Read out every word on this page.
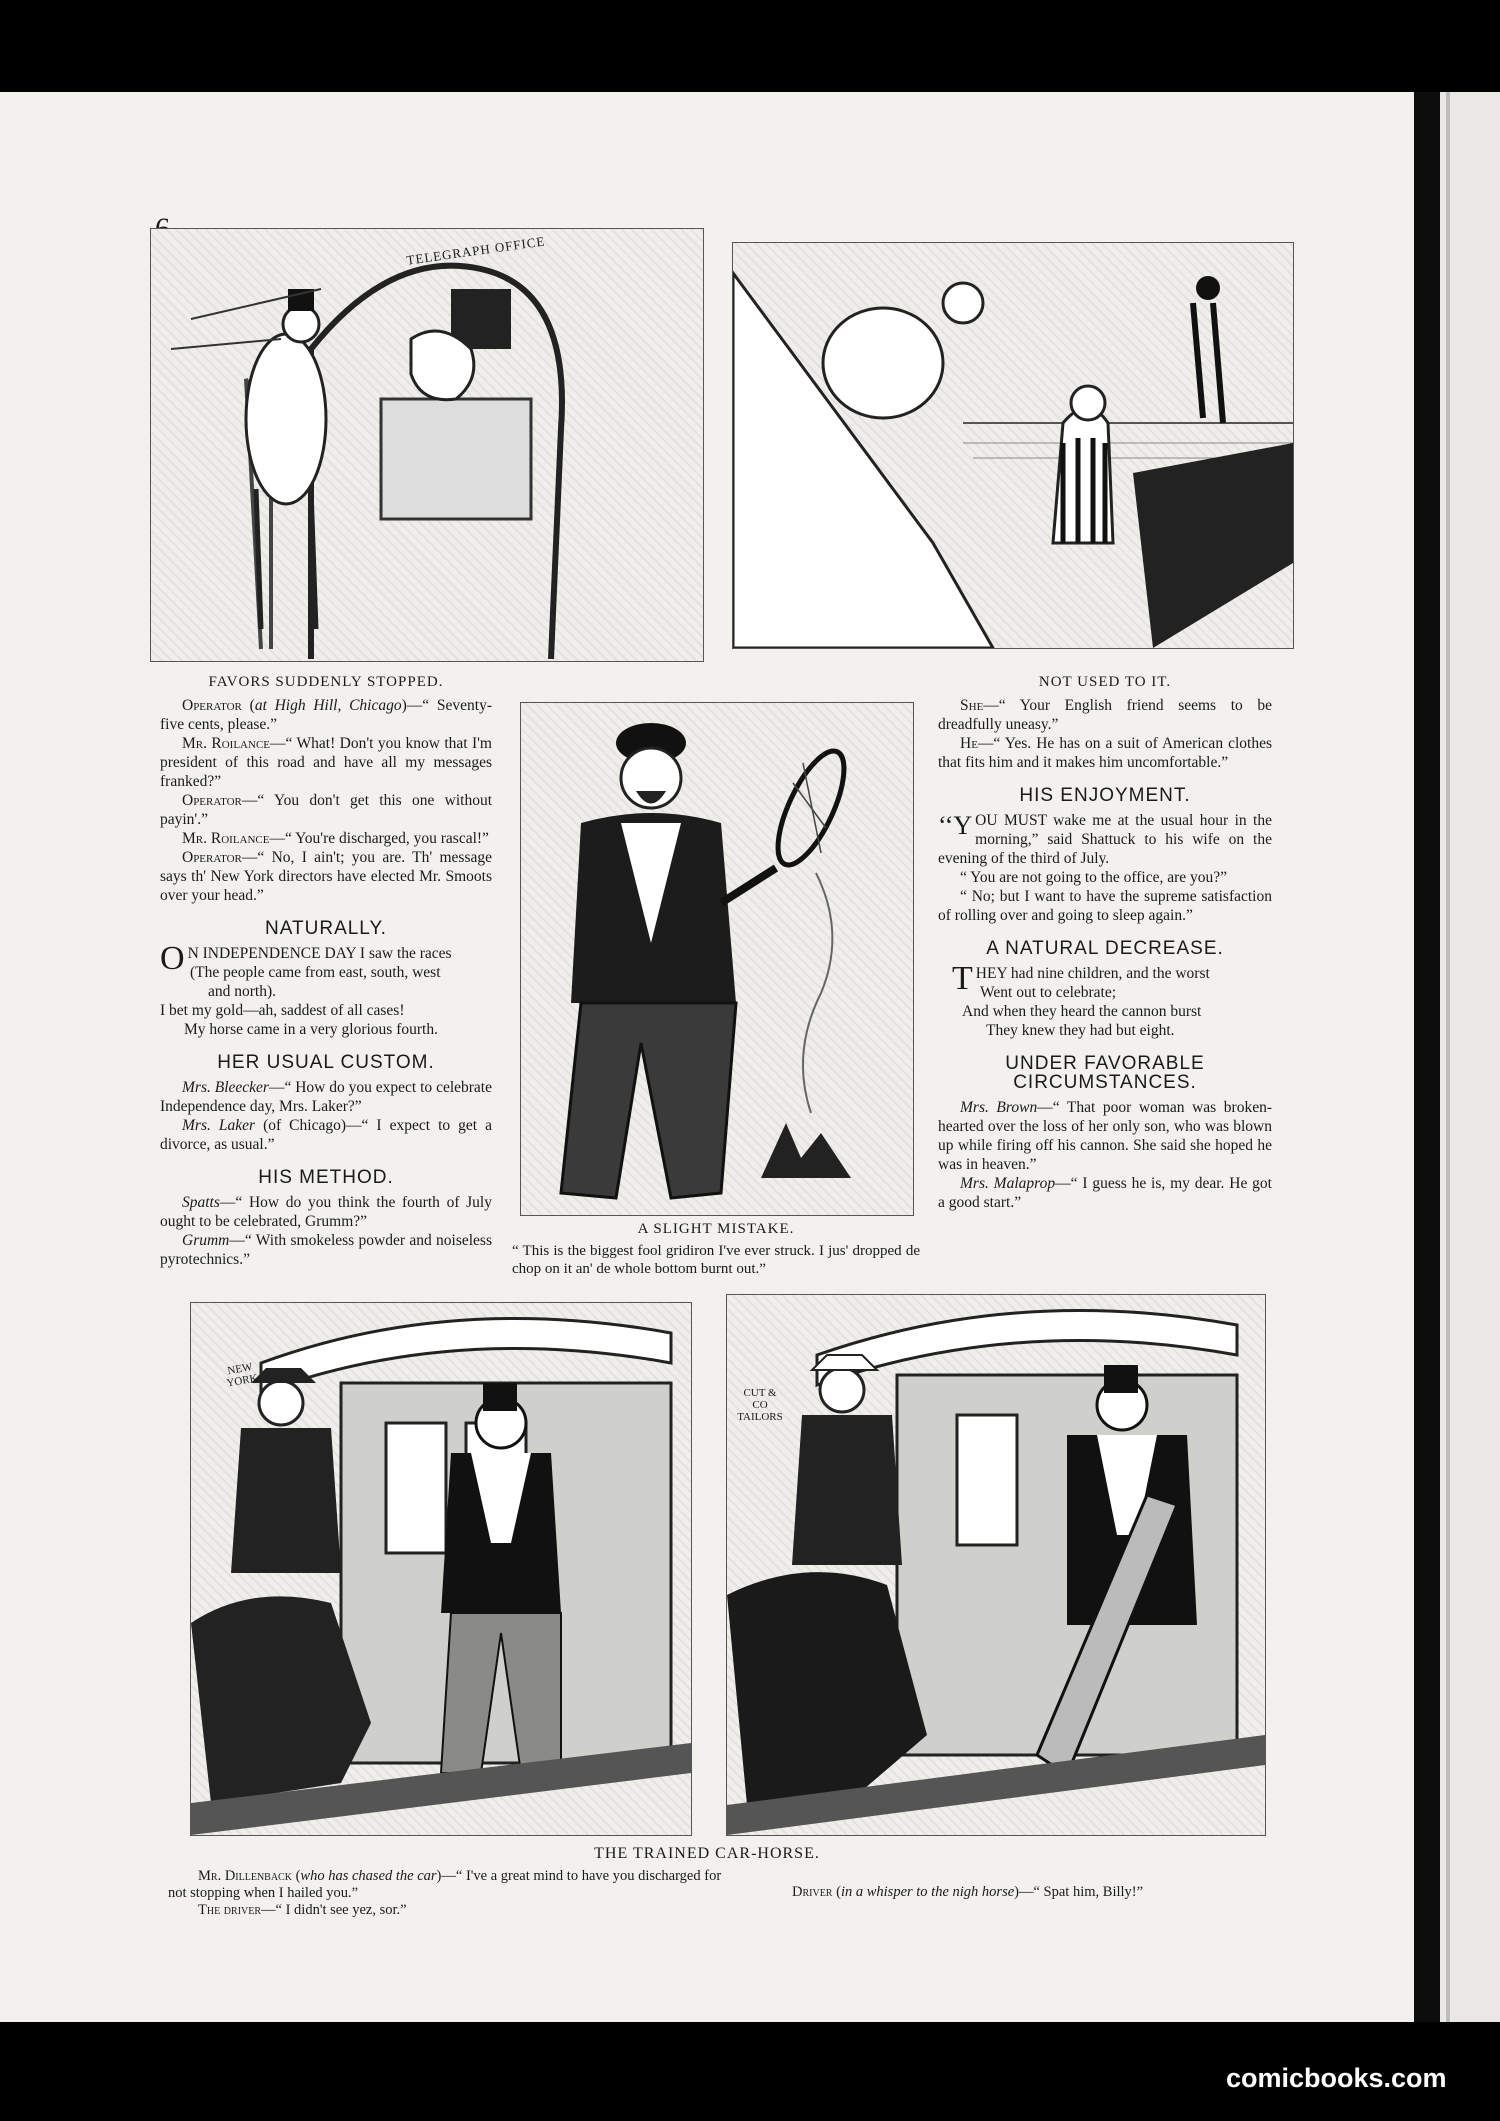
TELEGRAPH OFFICE
FAVORS SUDDENLY STOPPED.

Operator (at High Hill, Chicago)—“ Seventy-five cents, please.”

Mr. Roilance—“ What! Don't you know that I'm president of this road and have all my messages franked?”

Operator—“ You don't get this one without payin'.”

Mr. Roilance—“ You're discharged, you rascal!”

Operator—“ No, I ain't; you are. Th' message says th' New York directors have elected Mr. Smoots over your head.”

NATURALLY.

O N INDEPENDENCE DAY I saw the races

(The people came from east, south, west

and north).

I bet my gold—ah, saddest of all cases!

My horse came in a very glorious fourth.

HER USUAL CUSTOM.

Mrs. Bleecker—“ How do you expect to celebrate Independence day, Mrs. Laker?”

Mrs. Laker (of Chicago)—“ I expect to get a divorce, as usual.”

HIS METHOD.

Spatts—“ How do you think the fourth of July ought to be celebrated, Grumm?”

Grumm—“ With smokeless powder and noiseless pyrotechnics.”

A SLIGHT MISTAKE.
“ This is the biggest fool gridiron I've ever struck. I jus' dropped de chop on it an' de whole bottom burnt out.”
NOT USED TO IT.

She—“ Your English friend seems to be dreadfully uneasy.”

He—“ Yes. He has on a suit of American clothes that fits him and it makes him uncomfortable.”

HIS ENJOYMENT.

‘‘Y OU MUST wake me at the usual hour in the morning,” said Shattuck to his wife on the evening of the third of July.

“ You are not going to the office, are you?”

“ No; but I want to have the supreme satisfaction of rolling over and going to sleep again.”

A NATURAL DECREASE.

THEY had nine children, and the worst

Went out to celebrate;

And when they heard the cannon burst

They knew they had but eight.

UNDER FAVORABLE CIRCUMSTANCES.

Mrs. Brown—“ That poor woman was broken-hearted over the loss of her only son, who was blown up while firing off his cannon. She said she hoped he was in heaven.”

Mrs. Malaprop—“ I guess he is, my dear. He got a good start.”

NEW YORK
CUT & CO TAILORS
THE TRAINED CAR-HORSE.
Mr. Dillenback (who has chased the car)—“ I've a great mind to have you discharged for not stopping when I hailed you.”
The driver—“ I didn't see yez, sor.”
Driver (in a whisper to the nigh horse)—“ Spat him, Billy!”
comicbooks.com
